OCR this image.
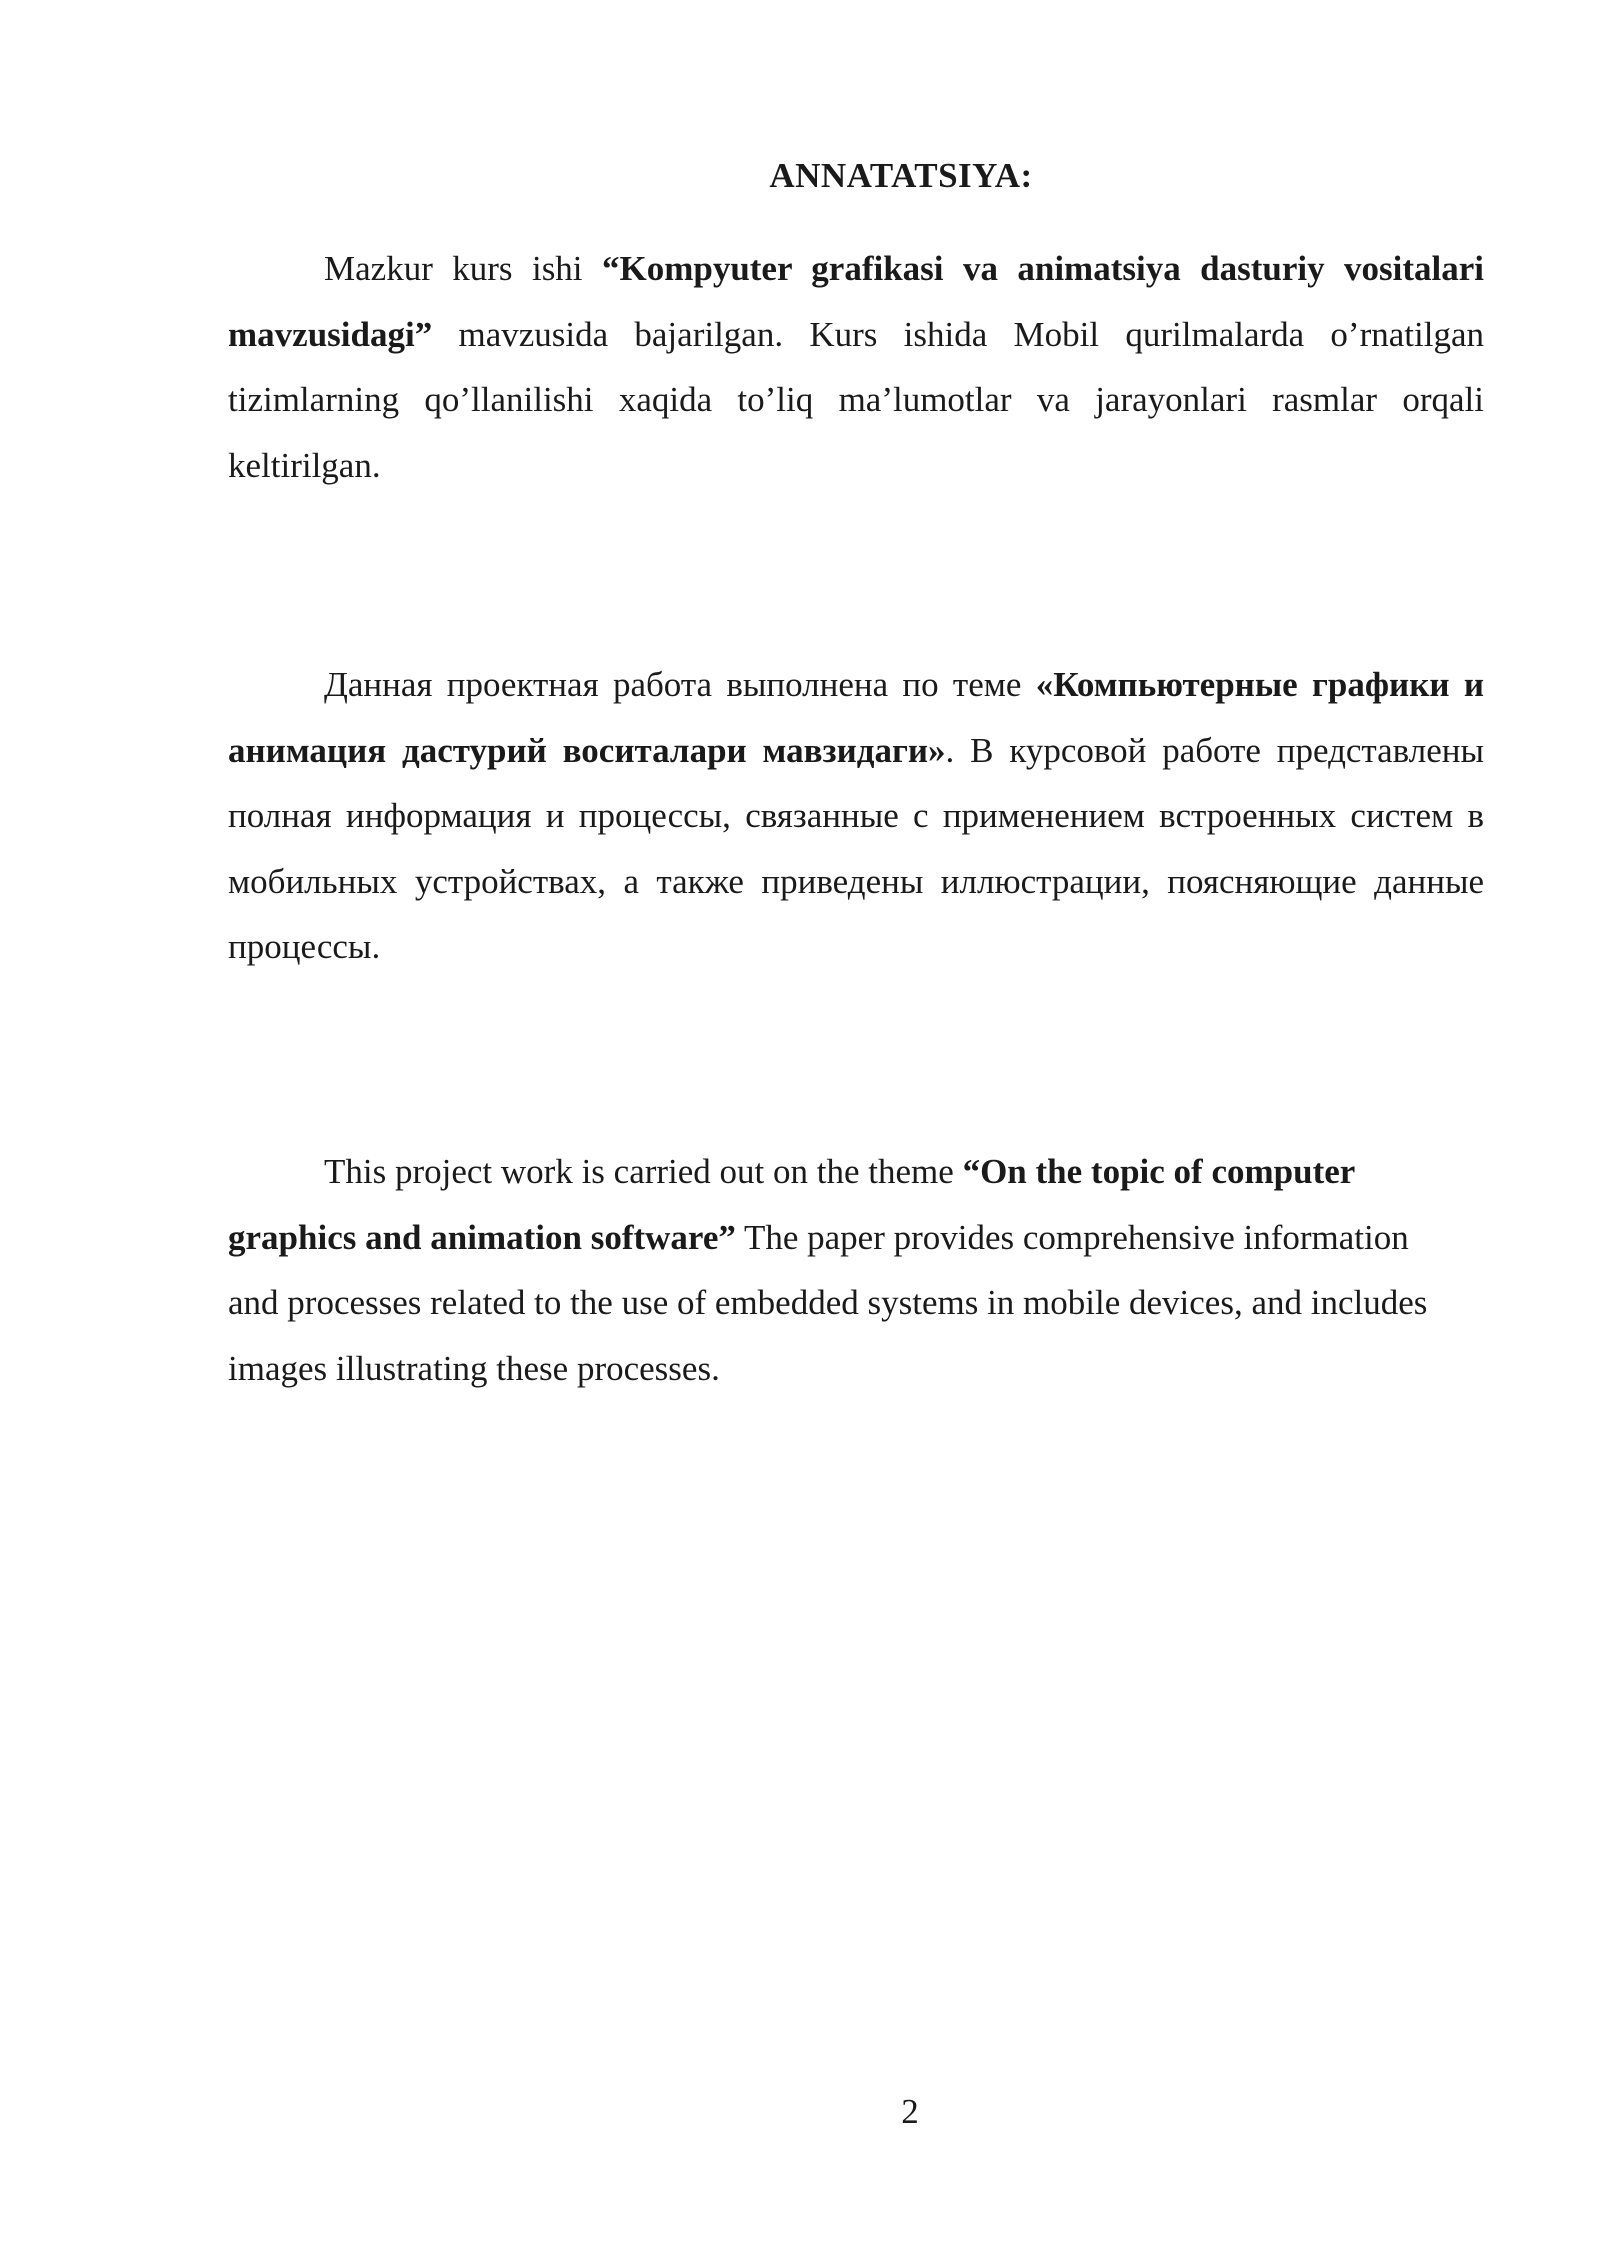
ANNATATSIYA:

Mazkur kurs ishi “Kompyuter grafikasi va animatsiya dasturiy vositalari mavzusidagi” mavzusida bajarilgan. Kurs ishida Mobil qurilmalarda o’rnatilgan tizimlarning qo’llanilishi xaqida to’liq ma’lumotlar va jarayonlari rasmlar orqali keltirilgan.

Данная проектная работа выполнена по теме «Компьютерные графики и анимация дастурий воситалари мавзидаги». В курсовой работе представлены полная информация и процессы, связанные с применением встроенных систем в мобильных устройствах, а также приведены иллюстрации, поясняющие данные процессы.

This project work is carried out on the theme “On the topic of computer graphics and animation software” The paper provides comprehensive information and processes related to the use of embedded systems in mobile devices, and includes images illustrating these processes.

2
